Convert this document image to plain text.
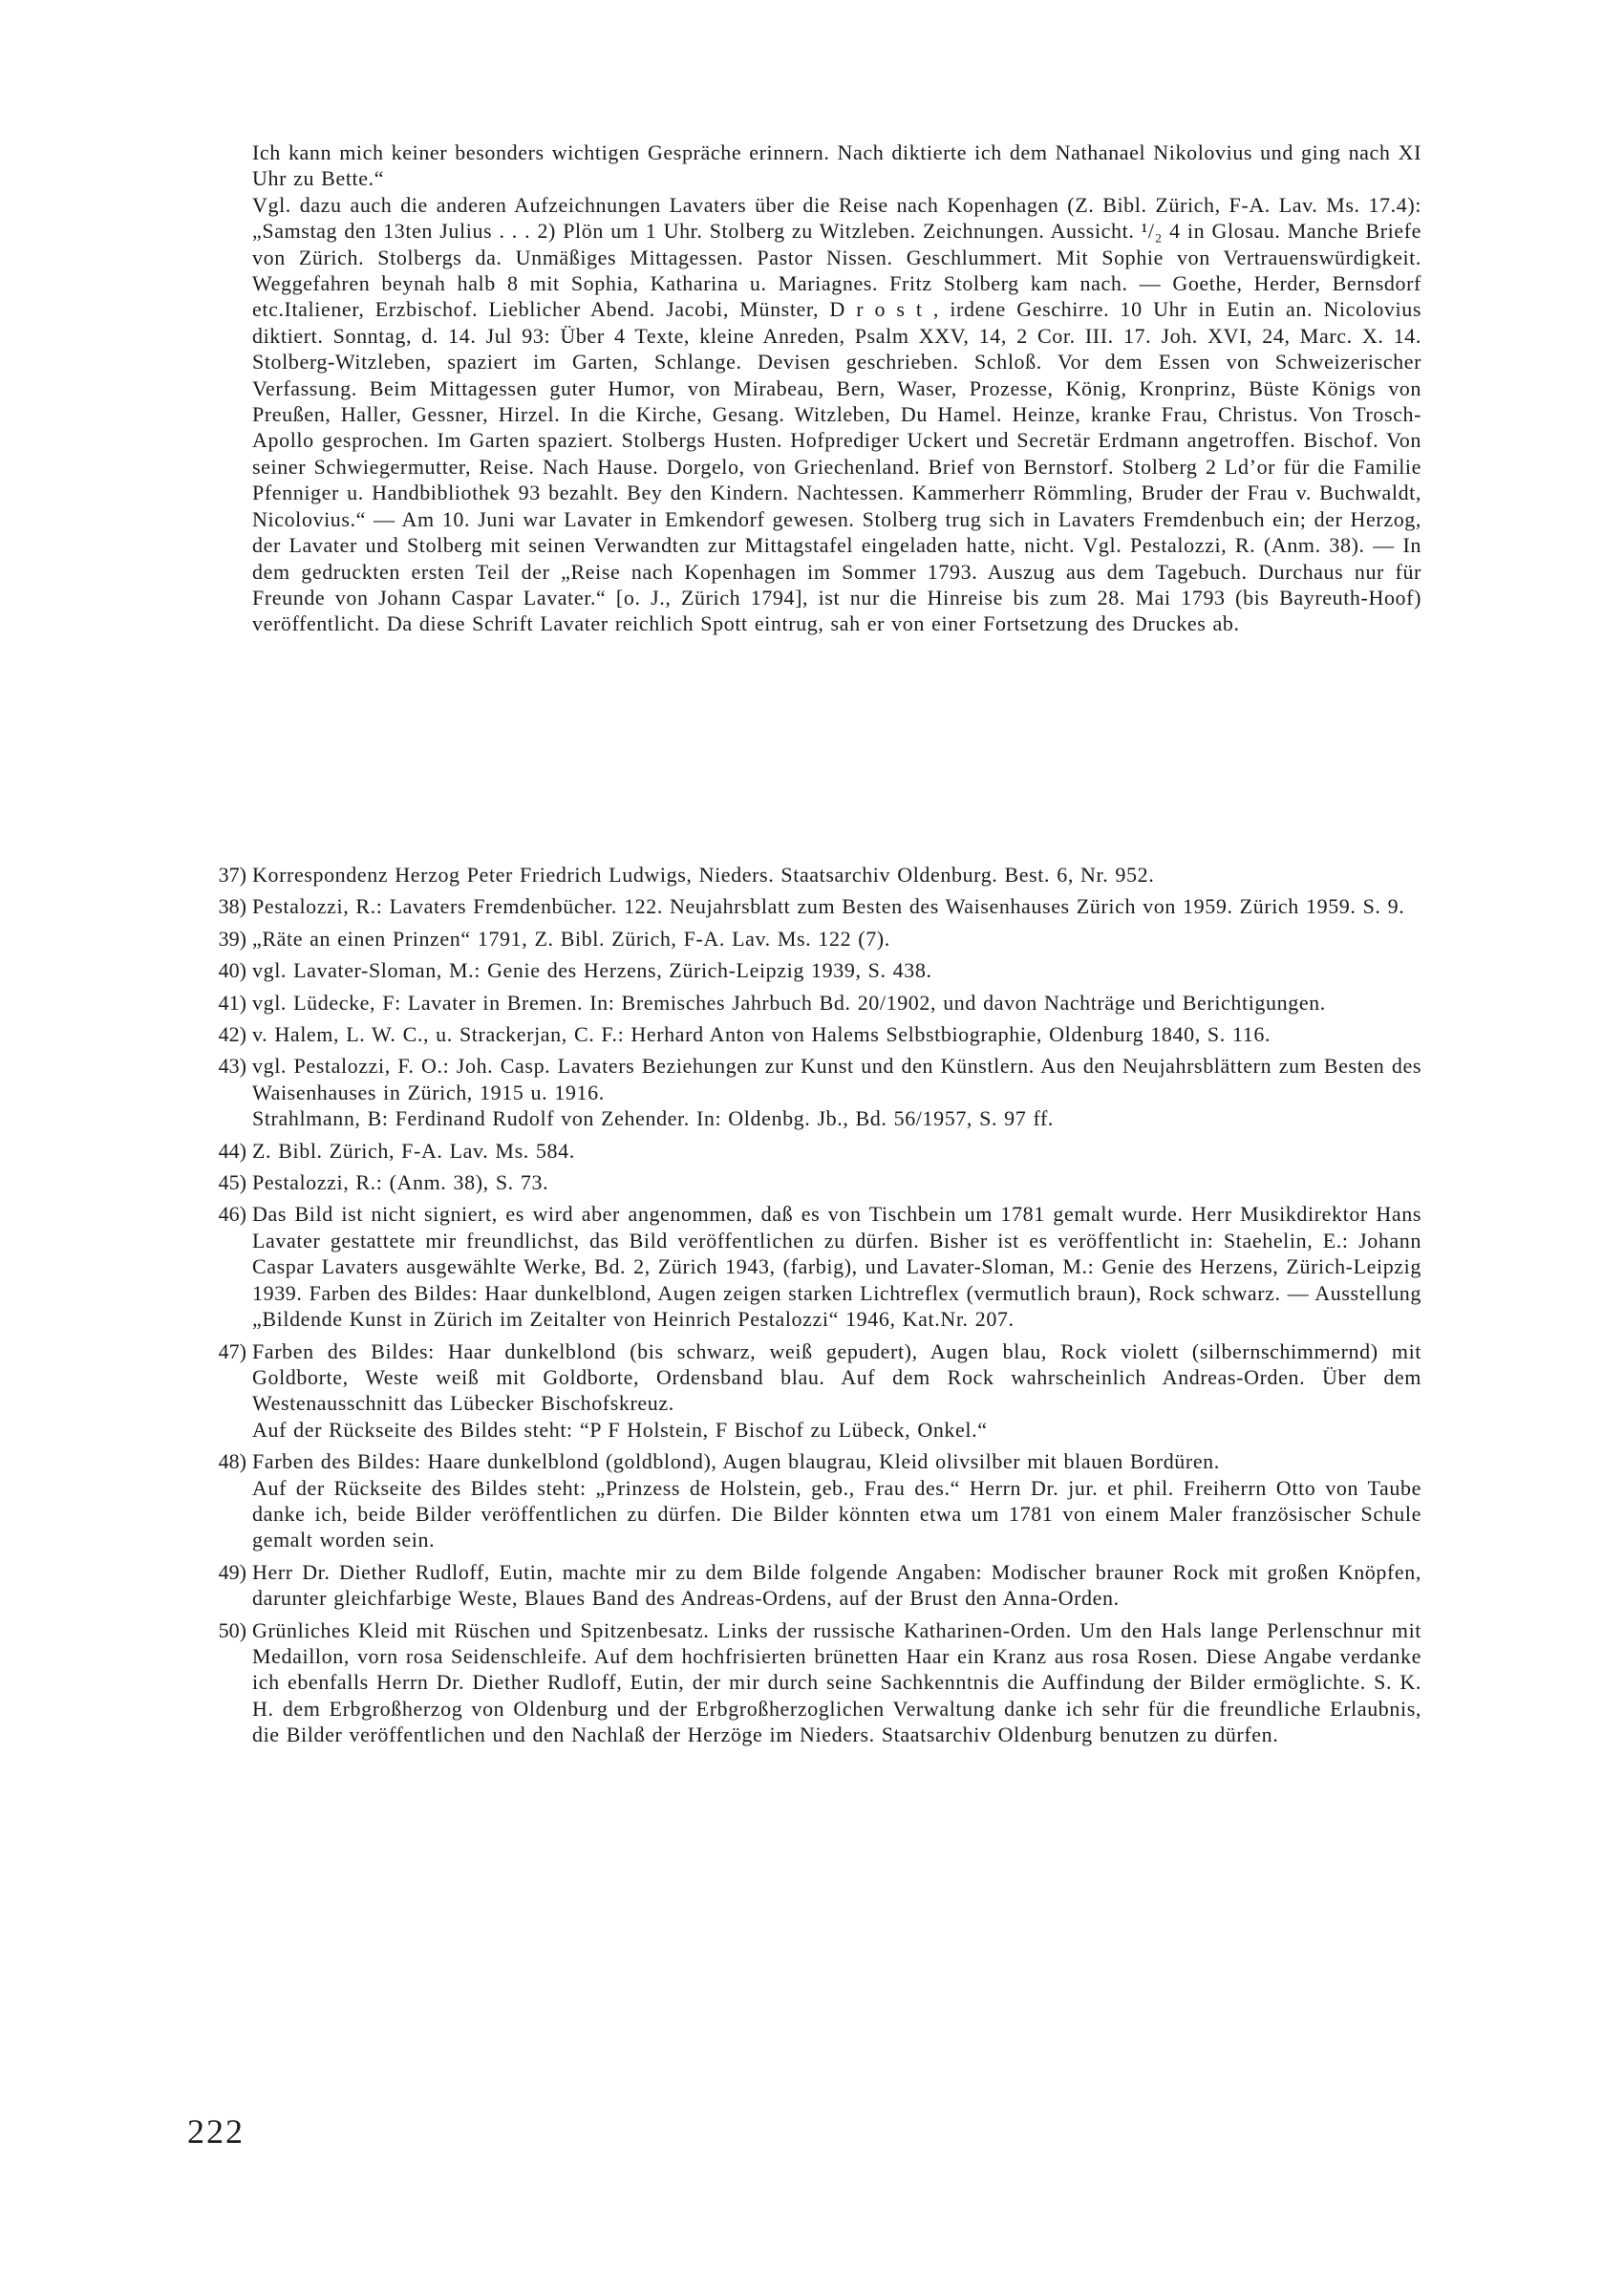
Ich kann mich keiner besonders wichtigen Gespräche erinnern. Nach diktierte ich dem Nathanael Nikolovius und ging nach XI Uhr zu Bette.“

Vgl. dazu auch die anderen Aufzeichnungen Lavaters über die Reise nach Kopenhagen (Z. Bibl. Zürich, F-A. Lav. Ms. 17.4): „Samstag den 13ten Julius . . . 2) Plön um 1 Uhr. Stolberg zu Witzleben. Zeichnungen. Aussicht. ¹/₂ 4 in Glosau. Manche Briefe von Zürich. Stolbergs da. Unmäßiges Mittagessen. Pastor Nissen. Geschlummert. Mit Sophie von Vertrauenswürdigkeit. Weggefahren beynah halb 8 mit Sophia, Katharina u. Mariagnes. Fritz Stolberg kam nach. — Goethe, Herder, Bernsdorf etc.Italiener, Erzbischof. Lieblicher Abend. Jacobi, Münster, D r o s t , irdene Geschirre. 10 Uhr in Eutin an. Nicolovius diktiert. Sonntag, d. 14. Jul 93: Über 4 Texte, kleine Anreden, Psalm XXV, 14, 2 Cor. III. 17. Joh. XVI, 24, Marc. X. 14. Stolberg-Witzleben, spaziert im Garten, Schlange. Devisen geschrieben. Schloß. Vor dem Essen von Schweizerischer Verfassung. Beim Mittagessen guter Humor, von Mirabeau, Bern, Waser, Prozesse, König, Kronprinz, Büste Königs von Preußen, Haller, Gessner, Hirzel. In die Kirche, Gesang. Witzleben, Du Hamel. Heinze, kranke Frau, Christus. Von Trosch-Apollo gesprochen. Im Garten spaziert. Stolbergs Husten. Hofprediger Uckert und Secretär Erdmann angetroffen. Bischof. Von seiner Schwiegermutter, Reise. Nach Hause. Dorgelo, von Griechenland. Brief von Bernstorf. Stolberg 2 Ld’or für die Familie Pfenniger u. Handbibliothek 93 bezahlt. Bey den Kindern. Nachtessen. Kammerherr Römmling, Bruder der Frau v. Buchwaldt, Nicolovius.“ — Am 10. Juni war Lavater in Emkendorf gewesen. Stolberg trug sich in Lavaters Fremdenbuch ein; der Herzog, der Lavater und Stolberg mit seinen Verwandten zur Mittagstafel eingeladen hatte, nicht. Vgl. Pestalozzi, R. (Anm. 38). — In dem gedruckten ersten Teil der „Reise nach Kopenhagen im Sommer 1793. Auszug aus dem Tagebuch. Durchaus nur für Freunde von Johann Caspar Lavater.“ [o. J., Zürich 1794], ist nur die Hinreise bis zum 28. Mai 1793 (bis Bayreuth-Hoof) veröffentlicht. Da diese Schrift Lavater reichlich Spott eintrug, sah er von einer Fortsetzung des Druckes ab.

37) Korrespondenz Herzog Peter Friedrich Ludwigs, Nieders. Staatsarchiv Oldenburg. Best. 6, Nr. 952.

38) Pestalozzi, R.: Lavaters Fremdenbücher. 122. Neujahrsblatt zum Besten des Waisenhauses Zürich von 1959. Zürich 1959. S. 9.

39) „Räte an einen Prinzen“ 1791, Z. Bibl. Zürich, F-A. Lav. Ms. 122 (7).

40) vgl. Lavater-Sloman, M.: Genie des Herzens, Zürich-Leipzig 1939, S. 438.

41) vgl. Lüdecke, F: Lavater in Bremen. In: Bremisches Jahrbuch Bd. 20/1902, und davon Nachträge und Berichtigungen.

42) v. Halem, L. W. C., u. Strackerjan, C. F.: Herhard Anton von Halems Selbstbiographie, Oldenburg 1840, S. 116.

43) vgl. Pestalozzi, F. O.: Joh. Casp. Lavaters Beziehungen zur Kunst und den Künstlern. Aus den Neujahrsblättern zum Besten des Waisenhauses in Zürich, 1915 u. 1916.

Strahlmann, B: Ferdinand Rudolf von Zehender. In: Oldenbg. Jb., Bd. 56/1957, S. 97 ff.

44) Z. Bibl. Zürich, F-A. Lav. Ms. 584.

45) Pestalozzi, R.: (Anm. 38), S. 73.

46) Das Bild ist nicht signiert, es wird aber angenommen, daß es von Tischbein um 1781 gemalt wurde. Herr Musikdirektor Hans Lavater gestattete mir freundlichst, das Bild veröffentlichen zu dürfen. Bisher ist es veröffentlicht in: Staehelin, E.: Johann Caspar Lavaters ausgewählte Werke, Bd. 2, Zürich 1943, (farbig), und Lavater-Sloman, M.: Genie des Herzens, Zürich-Leipzig 1939. Farben des Bildes: Haar dunkelblond, Augen zeigen starken Lichtreflex (vermutlich braun), Rock schwarz. — Ausstellung „Bildende Kunst in Zürich im Zeitalter von Heinrich Pestalozzi“ 1946, Kat.Nr. 207.

47) Farben des Bildes: Haar dunkelblond (bis schwarz, weiß gepudert), Augen blau, Rock violett (silbernschimmernd) mit Goldborte, Weste weiß mit Goldborte, Ordensband blau. Auf dem Rock wahrscheinlich Andreas-Orden. Über dem Westenausschnitt das Lübecker Bischofskreuz.

Auf der Rückseite des Bildes steht: “P F Holstein, F Bischof zu Lübeck, Onkel.“

48) Farben des Bildes: Haare dunkelblond (goldblond), Augen blaugrau, Kleid olivsilber mit blauen Bordüren.

Auf der Rückseite des Bildes steht: „Prinzess de Holstein, geb., Frau des.“ Herrn Dr. jur. et phil. Freiherrn Otto von Taube danke ich, beide Bilder veröffentlichen zu dürfen. Die Bilder könnten etwa um 1781 von einem Maler französischer Schule gemalt worden sein.

49) Herr Dr. Diether Rudloff, Eutin, machte mir zu dem Bilde folgende Angaben: Modischer brauner Rock mit großen Knöpfen, darunter gleichfarbige Weste, Blaues Band des Andreas-Ordens, auf der Brust den Anna-Orden.

50) Grünliches Kleid mit Rüschen und Spitzenbesatz. Links der russische Katharinen-Orden. Um den Hals lange Perlenschnur mit Medaillon, vorn rosa Seidenschleife. Auf dem hochfrisierten brünetten Haar ein Kranz aus rosa Rosen. Diese Angabe verdanke ich ebenfalls Herrn Dr. Diether Rudloff, Eutin, der mir durch seine Sachkenntnis die Auffindung der Bilder ermöglichte. S. K. H. dem Erbgroßherzog von Oldenburg und der Erbgroßherzoglichen Verwaltung danke ich sehr für die freundliche Erlaubnis, die Bilder veröffentlichen und den Nachlaß der Herzöge im Nieders. Staatsarchiv Oldenburg benutzen zu dürfen.

222
